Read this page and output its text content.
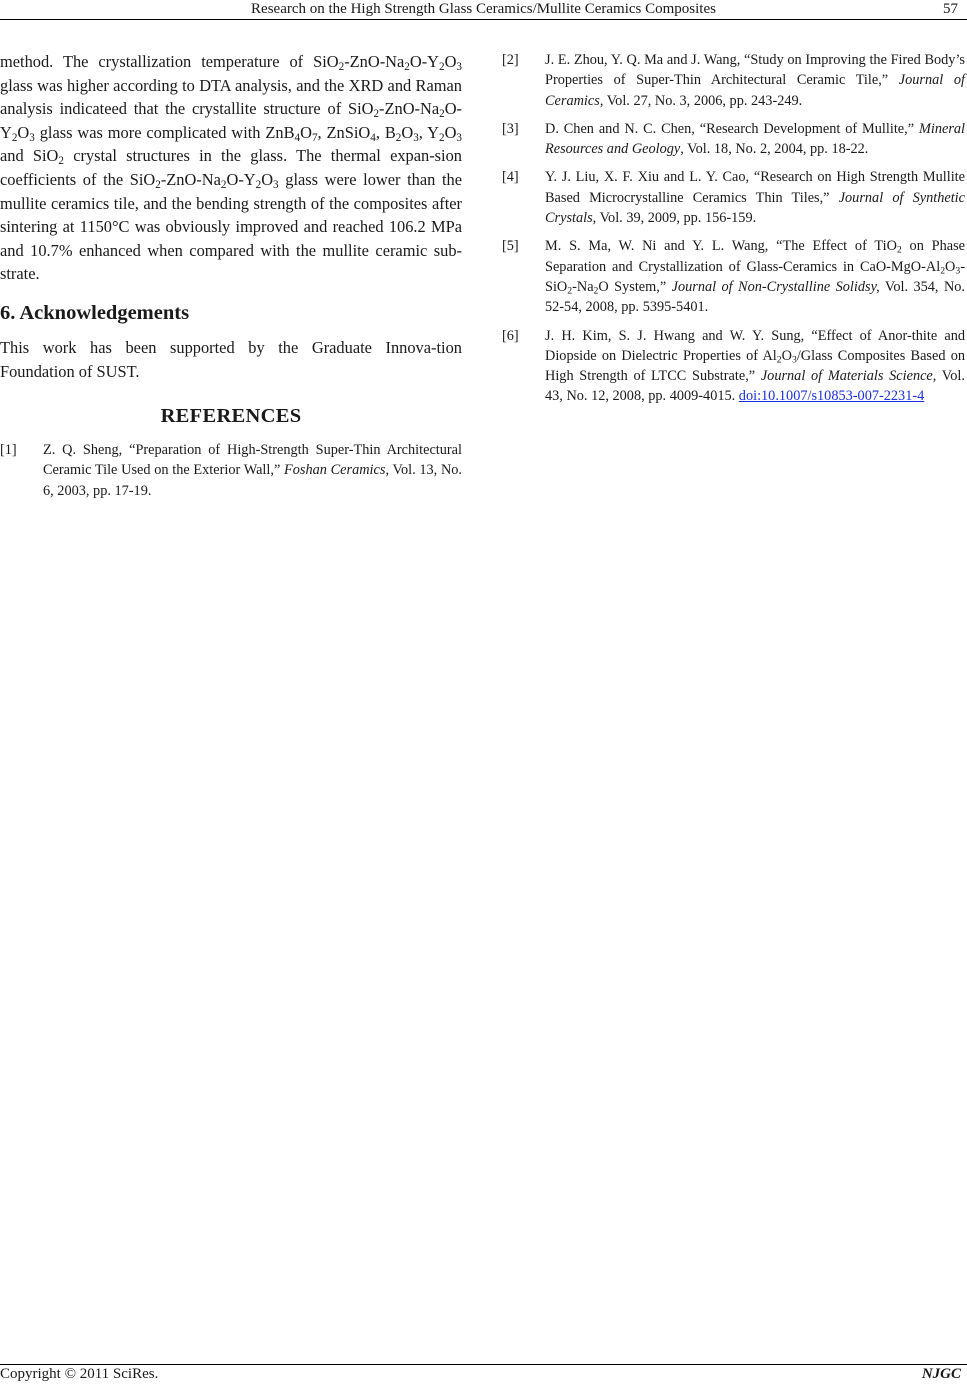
Research on the High Strength Glass Ceramics/Mullite Ceramics Composites	57

method. The crystallization temperature of $SiO_2-ZnO-Na_2O-Y_2O_3$ glass was higher according to DTA analysis, and the XRD and Raman analysis indicateed that the crystallite structure of $SiO_2-ZnO-Na_2O-Y_2O_3$ glass was more complicated with $ZnB_4O_7$, ZnSiO$_4$, $B_2O_3$, $Y_2O_3$ and SiO$_2$ crystal structures in the glass. The thermal expan-sion coefficients of the $SiO_2-ZnO-Na_2O-Y_2O_3$ glass were lower than the mullite ceramics tile, and the bending strength of the composites after sintering at 1150°C was obviously improved and reached 106.2 MPa and 10.7% enhanced when compared with the mullite ceramic sub-strate.

6. Acknowledgements

This work has been supported by the Graduate Innova-tion Foundation of SUST.

REFERENCES
[1] Z. Q. Sheng, “Preparation of High-Strength Super-Thin Architectural Ceramic Tile Used on the Exterior Wall,” Foshan Ceramics, Vol. 13, No. 6, 2003, pp. 17-19.
[2] J. E. Zhou, Y. Q. Ma and J. Wang, “Study on Improving the Fired Body’s Properties of Super-Thin Architectural Ceramic Tile,” Journal of Ceramics, Vol. 27, No. 3, 2006, pp. 243-249.
[3] D. Chen and N. C. Chen, “Research Development of Mullite,” Mineral Resources and Geology, Vol. 18, No. 2, 2004, pp. 18-22.
[4] Y. J. Liu, X. F. Xiu and L. Y. Cao, “Research on High Strength Mullite Based Microcrystalline Ceramics Thin Tiles,” Journal of Synthetic Crystals, Vol. 39, 2009, pp. 156-159.
[5] M. S. Ma, W. Ni and Y. L. Wang, “The Effect of TiO$_2$ on Phase Separation and Crystallization of Glass-Ceramics in CaO-$MgO-Al_2O_3-SiO_2-Na_2O$ System,” Journal of Non-Crystalline Solidsy, Vol. 354, No. 52-54, 2008, pp. 5395-5401.
[6] J. H. Kim, S. J. Hwang and W. Y. Sung, “Effect of Anor-thite and Diopside on Dielectric Properties of $Al_2O_3$/Glass Composites Based on High Strength of LTCC Substrate,” Journal of Materials Science, Vol. 43, No. 12, 2008, pp. 4009-4015. doi:10.1007/s10853-007-2231-4
Copyright © 2011 SciRes.	NJGC
